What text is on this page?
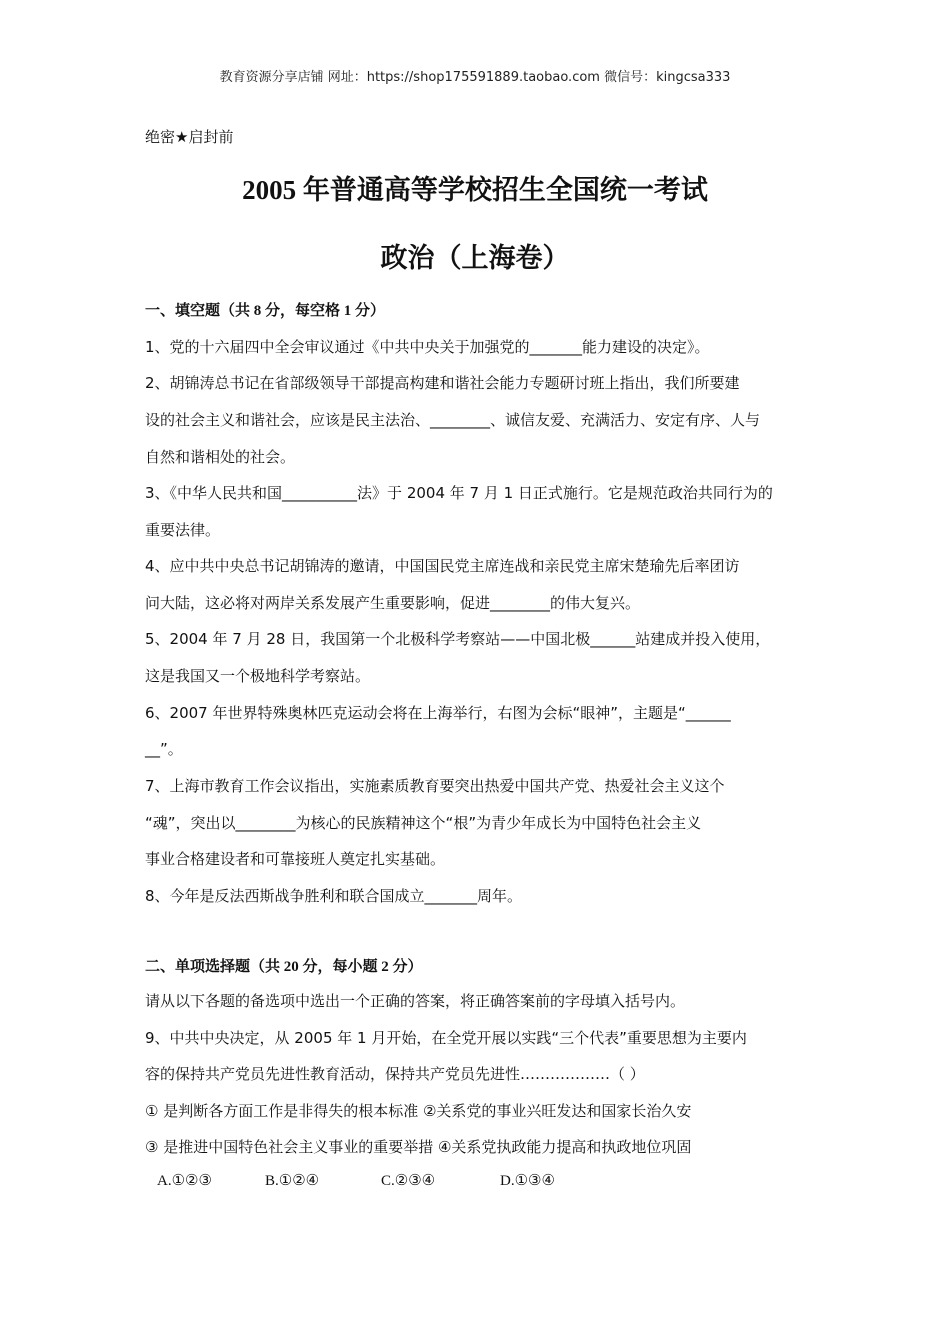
教育资源分享店铺 网址：https://shop175591889.taobao.com 微信号：kingcsa333
绝密★启封前
2005 年普通高等学校招生全国统一考试
政治（上海卷）
一、填空题（共 8 分，每空格 1 分）
1、党的十六届四中全会审议通过《中共中央关于加强党的_______能力建设的决定》。
2、胡锦涛总书记在省部级领导干部提高构建和谐社会能力专题研讨班上指出，我们所要建
设的社会主义和谐社会，应该是民主法治、________、诚信友爱、充满活力、安定有序、人与
自然和谐相处的社会。
3、《中华人民共和国__________法》于 2004 年 7 月 1 日正式施行。它是规范政治共同行为的
重要法律。
4、应中共中央总书记胡锦涛的邀请，中国国民党主席连战和亲民党主席宋楚瑜先后率团访
问大陆，这必将对两岸关系发展产生重要影响，促进________的伟大复兴。
5、2004 年 7 月 28 日，我国第一个北极科学考察站——中国北极______站建成并投入使用，
这是我国又一个极地科学考察站。
6、2007 年世界特殊奥林匹克运动会将在上海举行，右图为会标“眼神”，主题是“______
__”。
7、上海市教育工作会议指出，实施素质教育要突出热爱中国共产党、热爱社会主义这个
“魂”，突出以________为核心的民族精神这个“根”为青少年成长为中国特色社会主义
事业合格建设者和可靠接班人奠定扎实基础。
8、今年是反法西斯战争胜利和联合国成立_______周年。
二、单项选择题（共 20 分，每小题 2 分）
请从以下各题的备选项中选出一个正确的答案，将正确答案前的字母填入括号内。
9、中共中央决定，从 2005 年 1 月开始，在全党开展以实践“三个代表”重要思想为主要内
容的保持共产党员先进性教育活动，保持共产党员先进性………………（ ）
① 是判断各方面工作是非得失的根本标准 ②关系党的事业兴旺发达和国家长治久安
③ 是推进中国特色社会主义事业的重要举措 ④关系党执政能力提高和执政地位巩固
A.①②③	B.①②④	C.②③④	D.①③④
